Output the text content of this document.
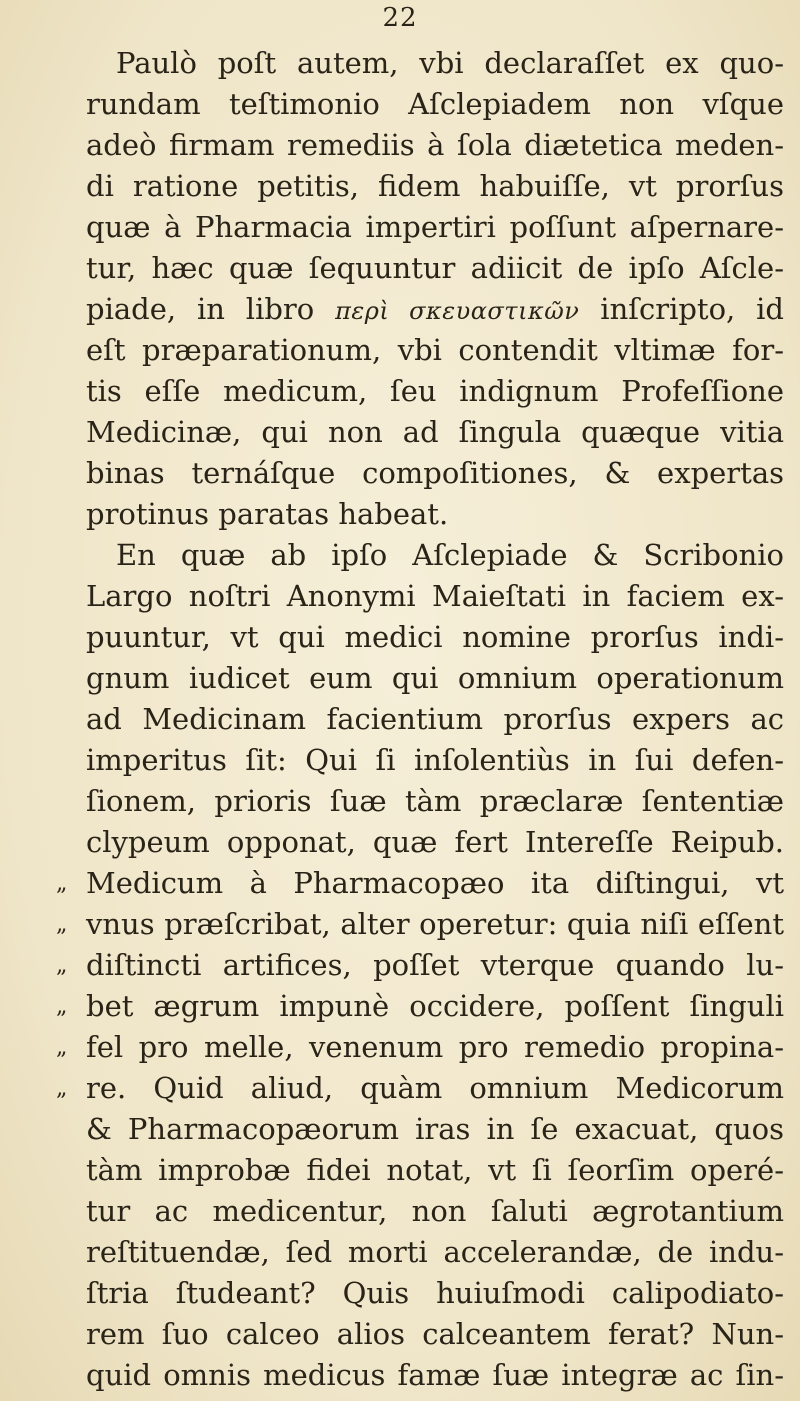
22
Paulò poſt autem, vbi declaraſſet ex quo-
rundam teſtimonio Aſclepiadem non vſque
adeò firmam remediis à ſola diætetica meden-
di ratione petitis, fidem habuiſſe, vt prorſus
quæ à Pharmacia impertiri poſſunt aſpernare-
tur, hæc quæ ſequuntur adiicit de ipſo Aſcle-
piade, in libro περὶ σκευαστικῶν inſcripto, id
eſt præparationum, vbi contendit vltimæ for-
tis eſſe medicum, ſeu indignum Profeſſione
Medicinæ, qui non ad ſingula quæque vitia
binas ternáſque compoſitiones, & expertas
protinus paratas habeat.
En quæ ab ipſo Aſclepiade & Scribonio
Largo noſtri Anonymi Maieſtati in faciem ex-
puuntur, vt qui medici nomine prorſus indi-
gnum iudicet eum qui omnium operationum
ad Medicinam facientium prorſus expers ac
imperitus ſit: Qui ſi inſolentiùs in ſui defen-
ſionem, prioris ſuæ tàm præclaræ ſententiæ
clypeum opponat, quæ fert Intereſſe Reipub.
„ Medicum à Pharmacopæo ita diſtingui, vt
„ vnus præſcribat, alter operetur: quia niſi eſſent
„ diſtincti artifices, poſſet vterque quando lu-
„ bet ægrum impunè occidere, poſſent ſinguli
„ fel pro melle, venenum pro remedio propina-
„ re. Quid aliud, quàm omnium Medicorum
& Pharmacopæorum iras in ſe exacuat, quos
tàm improbæ fidei notat, vt ſi ſeorſim operé-
tur ac medicentur, non ſaluti ægrotantium
reſtituendæ, ſed morti accelerandæ, de indu-
ſtria ſtudeant? Quis huiuſmodi calipodiato-
rem ſuo calceo alios calceantem ferat? Nun-
quid omnis medicus famæ ſuæ integræ ac ſin-
